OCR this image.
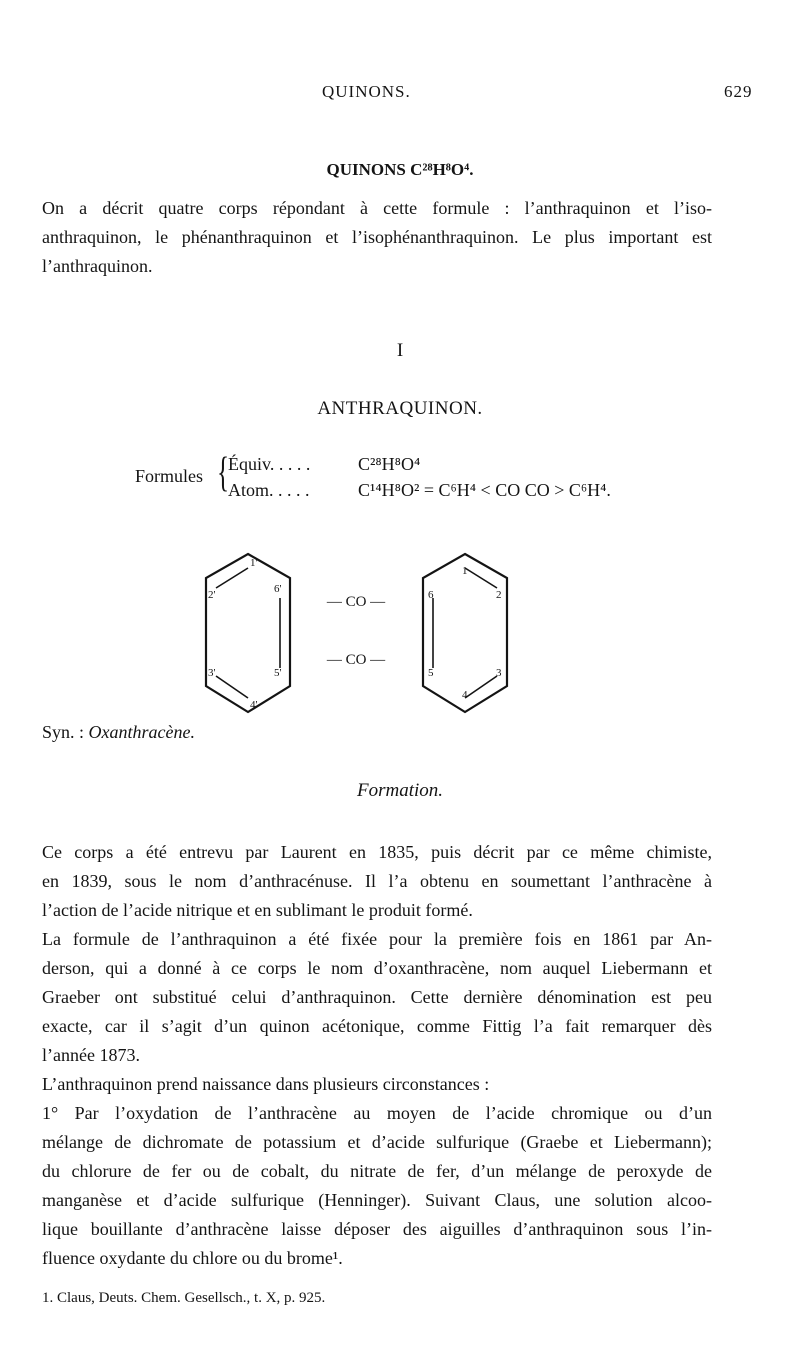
QUINONS.	629
QUINONS C²⁸H⁸O⁴.
On a décrit quatre corps répondant à cette formule : l’anthraquinon et l’iso-
anthraquinon, le phénanthraquinon et l’isophénanthraquinon. Le plus important est
l’anthraquinon.
I
ANTHRAQUINON.
Formules {
Équiv. . . . .	C²⁸H⁸O⁴
Atom. . . . .	C¹⁴H⁸O² = C⁶H⁴ < CO CO > C⁶H⁴.
— CO —
— CO —
1'
2'	6'
3'	5'
4'
1
6	2
5	3
4
Syn. : Oxanthracène.
Formation.
Ce corps a été entrevu par Laurent en 1835, puis décrit par ce même chimiste,
en 1839, sous le nom d’anthracénuse. Il l’a obtenu en soumettant l’anthracène à
l’action de l’acide nitrique et en sublimant le produit formé.
La formule de l’anthraquinon a été fixée pour la première fois en 1861 par An-
derson, qui a donné à ce corps le nom d’oxanthracène, nom auquel Liebermann et
Graeber ont substitué celui d’anthraquinon. Cette dernière dénomination est peu
exacte, car il s’agit d’un quinon acétonique, comme Fittig l’a fait remarquer dès
l’année 1873.
L’anthraquinon prend naissance dans plusieurs circonstances :
1° Par l’oxydation de l’anthracène au moyen de l’acide chromique ou d’un
mélange de dichromate de potassium et d’acide sulfurique (Graebe et Liebermann);
du chlorure de fer ou de cobalt, du nitrate de fer, d’un mélange de peroxyde de
manganèse et d’acide sulfurique (Henninger). Suivant Claus, une solution alcoo-
lique bouillante d’anthracène laisse déposer des aiguilles d’anthraquinon sous l’in-
fluence oxydante du chlore ou du brome¹.
1. Claus, Deuts. Chem. Gesellsch., t. X, p. 925.
